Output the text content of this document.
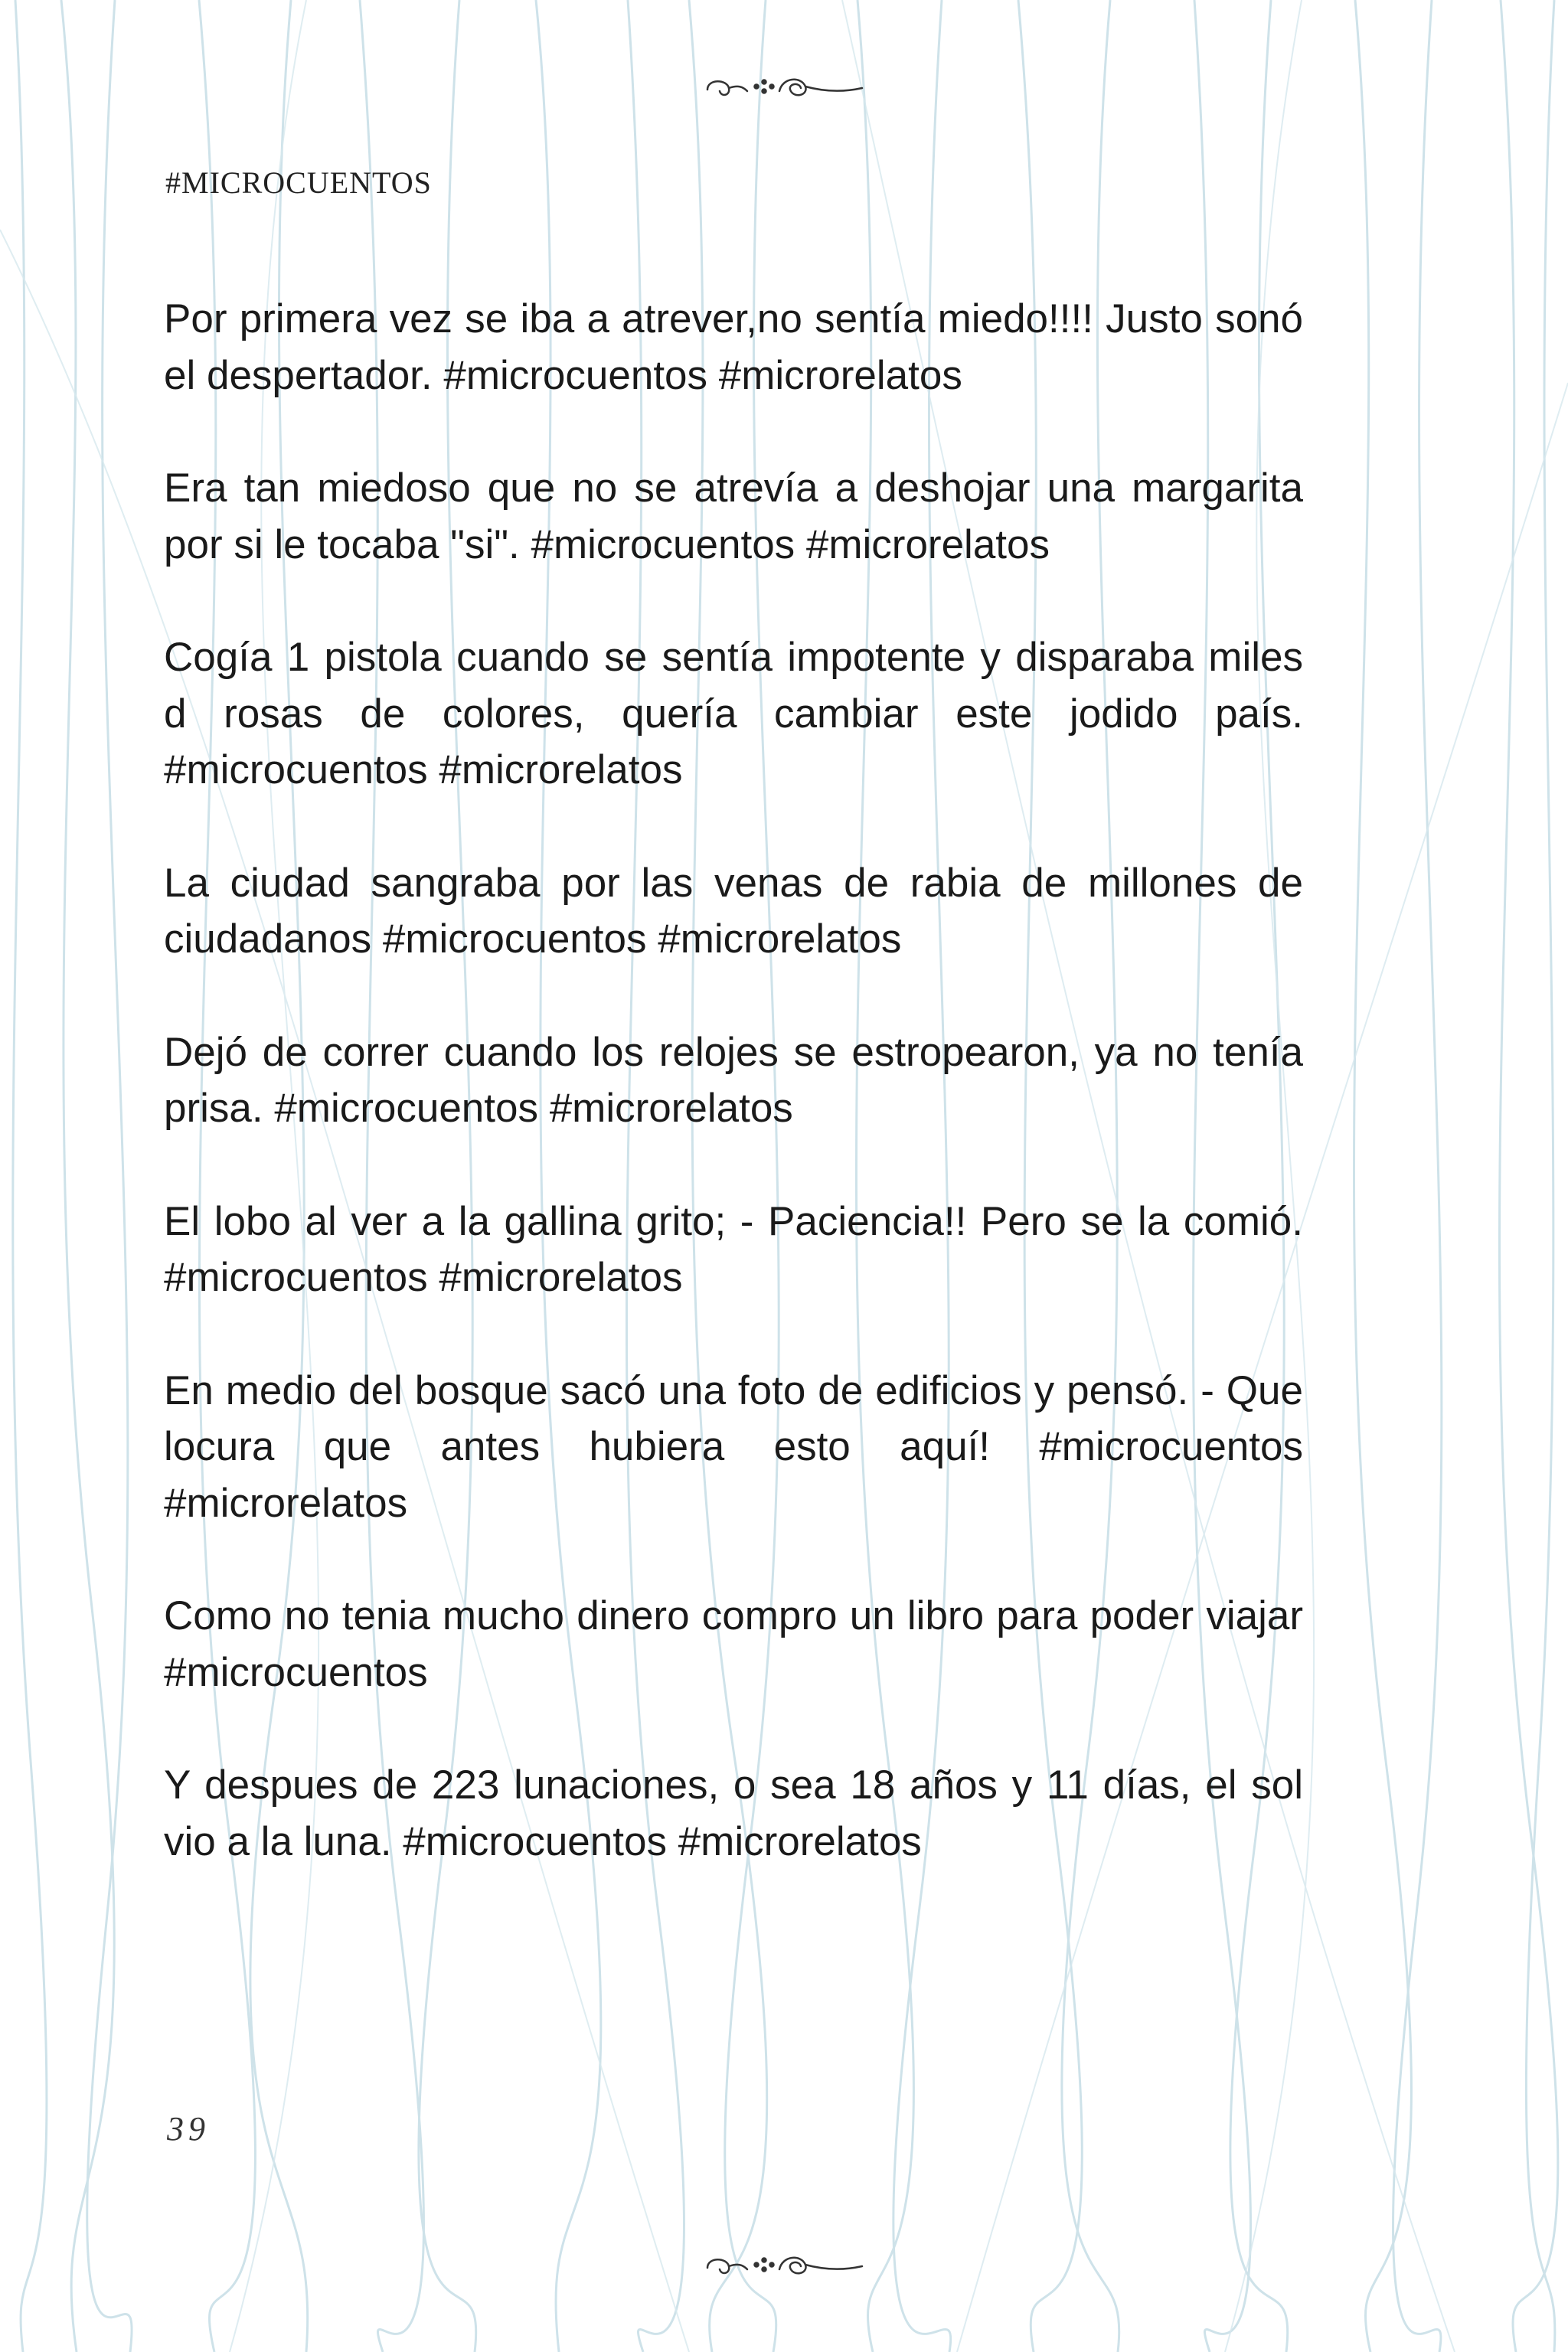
#MICROCUENTOS

Por primera vez se iba a atrever,no sentía miedo!!!! Justo sonó el despertador. #microcuentos #microrelatos

Era tan miedoso que no se atrevía a deshojar una margarita por si le tocaba "si". #microcuentos #microrelatos

Cogía 1 pistola cuando se sentía impotente y disparaba miles d rosas de colores, quería cambiar este jodido país. #microcuentos #microrelatos

La ciudad sangraba por las venas de rabia de millones de ciudadanos #microcuentos #microrelatos

Dejó de correr cuando los relojes se estropearon, ya no tenía prisa. #microcuentos #microrelatos

El lobo al ver a la gallina grito; - Paciencia!! Pero se la comió. #microcuentos #microrelatos

En medio del bosque sacó una foto de edificios y pensó. - Que locura que antes hubiera esto aquí! #microcuentos #microrelatos

Como no tenia mucho dinero compro un libro para poder viajar #microcuentos

Y despues de 223 lunaciones, o sea 18 años y 11 días, el sol vio a la luna. #microcuentos #microrelatos

39
